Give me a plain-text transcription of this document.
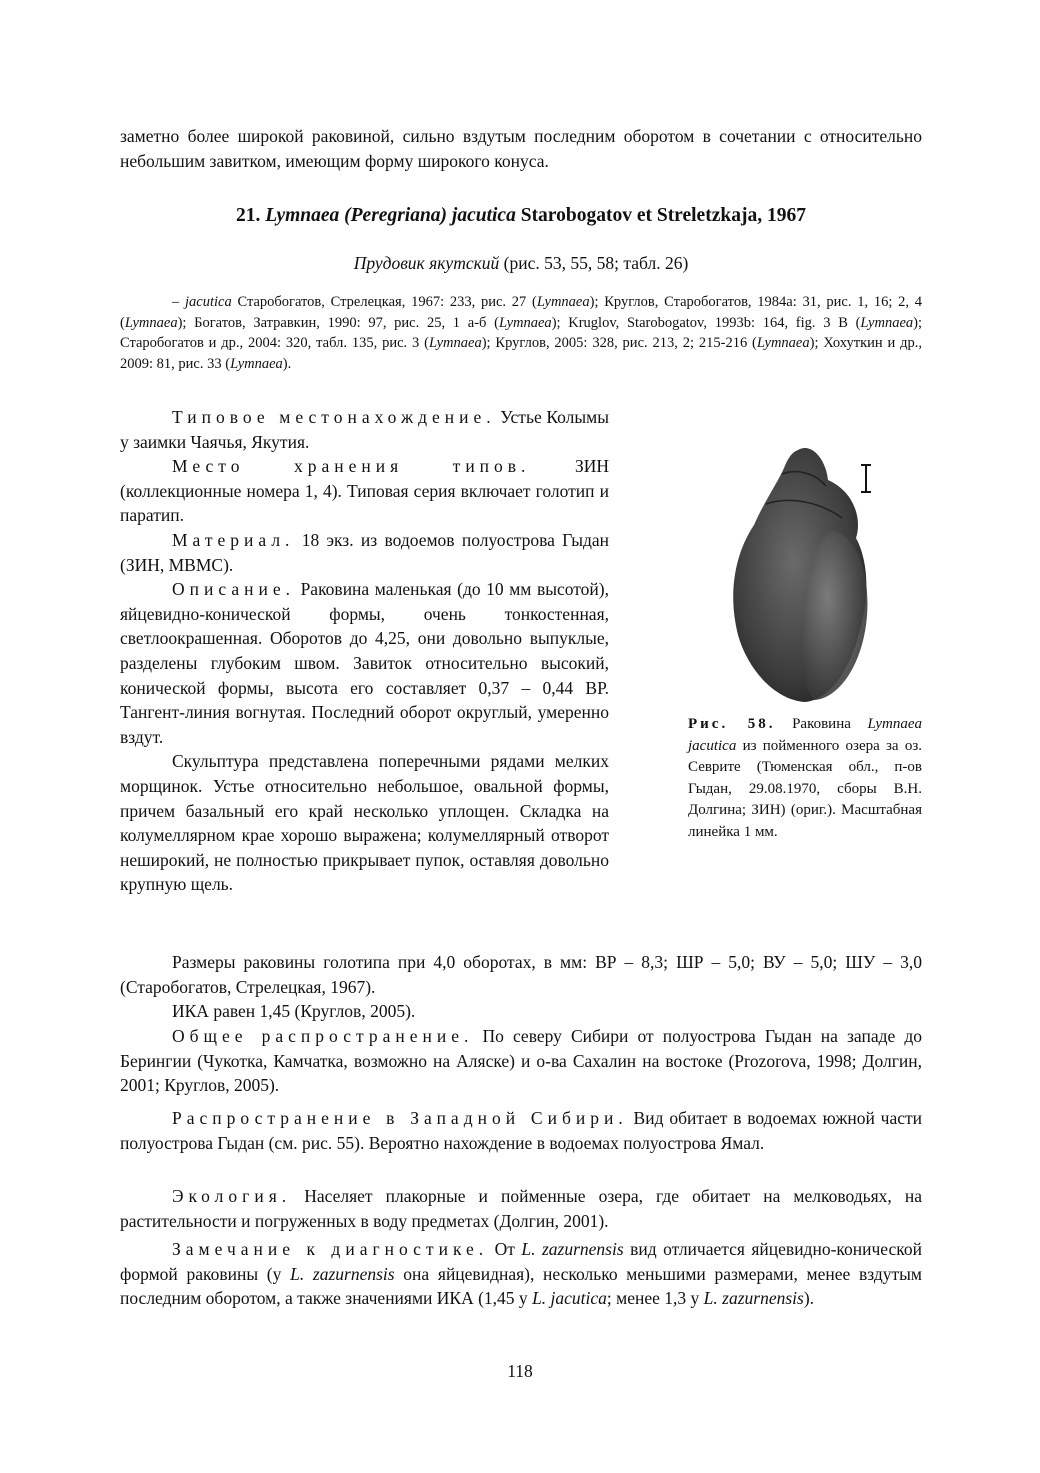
заметно более широкой раковиной, сильно вздутым последним оборотом в сочетании с относительно небольшим завитком, имеющим форму широкого конуса.

21. Lymnaea (Peregriana) jacutica Starobogatov et Streletzkaja, 1967

Прудовик якутский (рис. 53, 55, 58; табл. 26)

– jacutica Старобогатов, Стрелецкая, 1967: 233, рис. 27 (Lymnaea); Круглов, Старобогатов, 1984a: 31, рис. 1, 16; 2, 4 (Lymnaea); Богатов, Затравкин, 1990: 97, рис. 25, 1 а-б (Lymnaea); Kruglov, Starobogatov, 1993b: 164, fig. 3 B (Lymnaea); Старобогатов и др., 2004: 320, табл. 135, рис. 3 (Lymnaea); Круглов, 2005: 328, рис. 213, 2; 215-216 (Lymnaea); Хохуткин и др., 2009: 81, рис. 33 (Lymnaea).

Типовое местонахождение. Устье Колымы у заимки Чаячья, Якутия.

Место хранения типов. ЗИН (коллекционные номера 1, 4). Типовая серия включает голотип и паратип.

Материал. 18 экз. из водоемов полуострова Гыдан (ЗИН, МВМС).

Описание. Раковина маленькая (до 10 мм высотой), яйцевидно-конической формы, очень тонкостенная, светлоокрашенная. Оборотов до 4,25, они довольно выпуклые, разделены глубоким швом. Завиток относительно высокий, конической формы, высота его составляет 0,37 – 0,44 ВР. Тангент-линия вогнутая. Последний оборот округлый, умеренно вздут.

Скульптура представлена поперечными рядами мелких морщинок. Устье относительно небольшое, овальной формы, причем базальный его край несколько уплощен. Складка на колумеллярном крае хорошо выражена; колумеллярный отворот неширокий, не полностью прикрывает пупок, оставляя довольно крупную щель.

Рис. 58. Раковина Lymnaea jacutica из пойменного озера за оз. Севрите (Тюменская обл., п-ов Гыдан, 29.08.1970, сборы В.Н. Долгина; ЗИН) (ориг.). Масштабная линейка 1 мм.

Размеры раковины голотипа при 4,0 оборотах, в мм: ВР – 8,3; ШР – 5,0; ВУ – 5,0; ШУ – 3,0 (Старобогатов, Стрелецкая, 1967).

ИКА равен 1,45 (Круглов, 2005).

Общее распространение. По северу Сибири от полуострова Гыдан на западе до Берингии (Чукотка, Камчатка, возможно на Аляске) и о-ва Сахалин на востоке (Prozorova, 1998; Долгин, 2001; Круглов, 2005).

Распространение в Западной Сибири. Вид обитает в водоемах южной части полуострова Гыдан (см. рис. 55). Вероятно нахождение в водоемах полуострова Ямал.

Экология. Населяет плакорные и пойменные озера, где обитает на мелководьях, на растительности и погруженных в воду предметах (Долгин, 2001).

Замечание к диагностике. От L. zazurnensis вид отличается яйцевидно-конической формой раковины (у L. zazurnensis она яйцевидная), несколько меньшими размерами, менее вздутым последним оборотом, а также значениями ИКА (1,45 у L. jacutica; менее 1,3 у L. zazurnensis).

118
